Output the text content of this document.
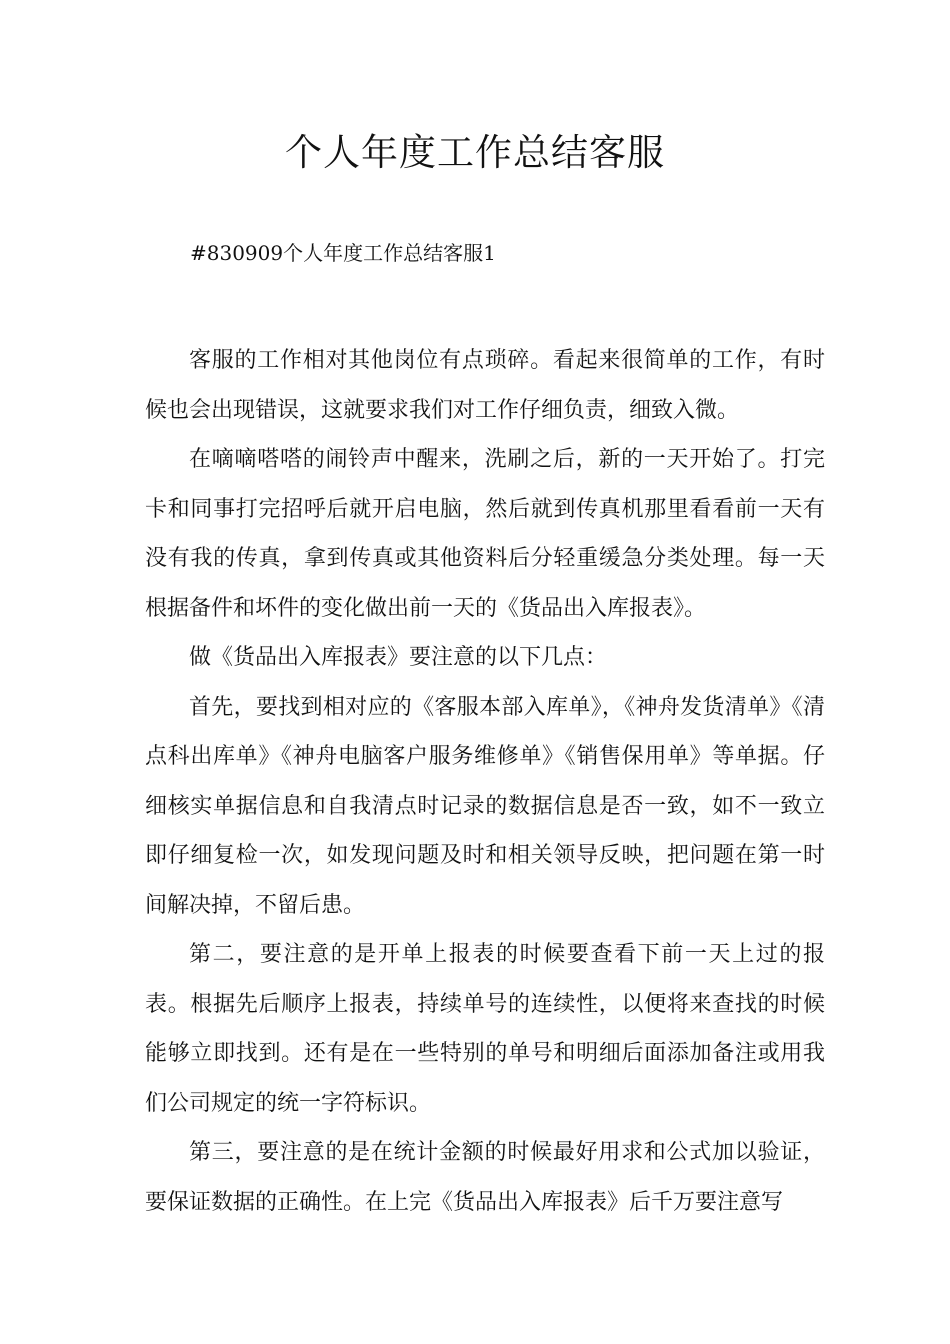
个人年度工作总结客服

#830909个人年度工作总结客服1

客服的工作相对其他岗位有点琐碎。看起来很简单的工作，有时候也会出现错误，这就要求我们对工作仔细负责，细致入微。

在嘀嘀嗒嗒的闹铃声中醒来，洗刷之后，新的一天开始了。打完卡和同事打完招呼后就开启电脑，然后就到传真机那里看看前一天有没有我的传真，拿到传真或其他资料后分轻重缓急分类处理。每一天根据备件和坏件的变化做出前一天的《货品出入库报表》。

做《货品出入库报表》要注意的以下几点：

首先，要找到相对应的《客服本部入库单》，《神舟发货清单》《清点科出库单》《神舟电脑客户服务维修单》《销售保用单》等单据。仔细核实单据信息和自我清点时记录的数据信息是否一致，如不一致立即仔细复检一次，如发现问题及时和相关领导反映，把问题在第一时间解决掉，不留后患。

第二，要注意的是开单上报表的时候要查看下前一天上过的报表。根据先后顺序上报表，持续单号的连续性，以便将来查找的时候能够立即找到。还有是在一些特别的单号和明细后面添加备注或用我们公司规定的统一字符标识。

第三，要注意的是在统计金额的时候最好用求和公式加以验证，要保证数据的正确性。在上完《货品出入库报表》后千万要注意写
